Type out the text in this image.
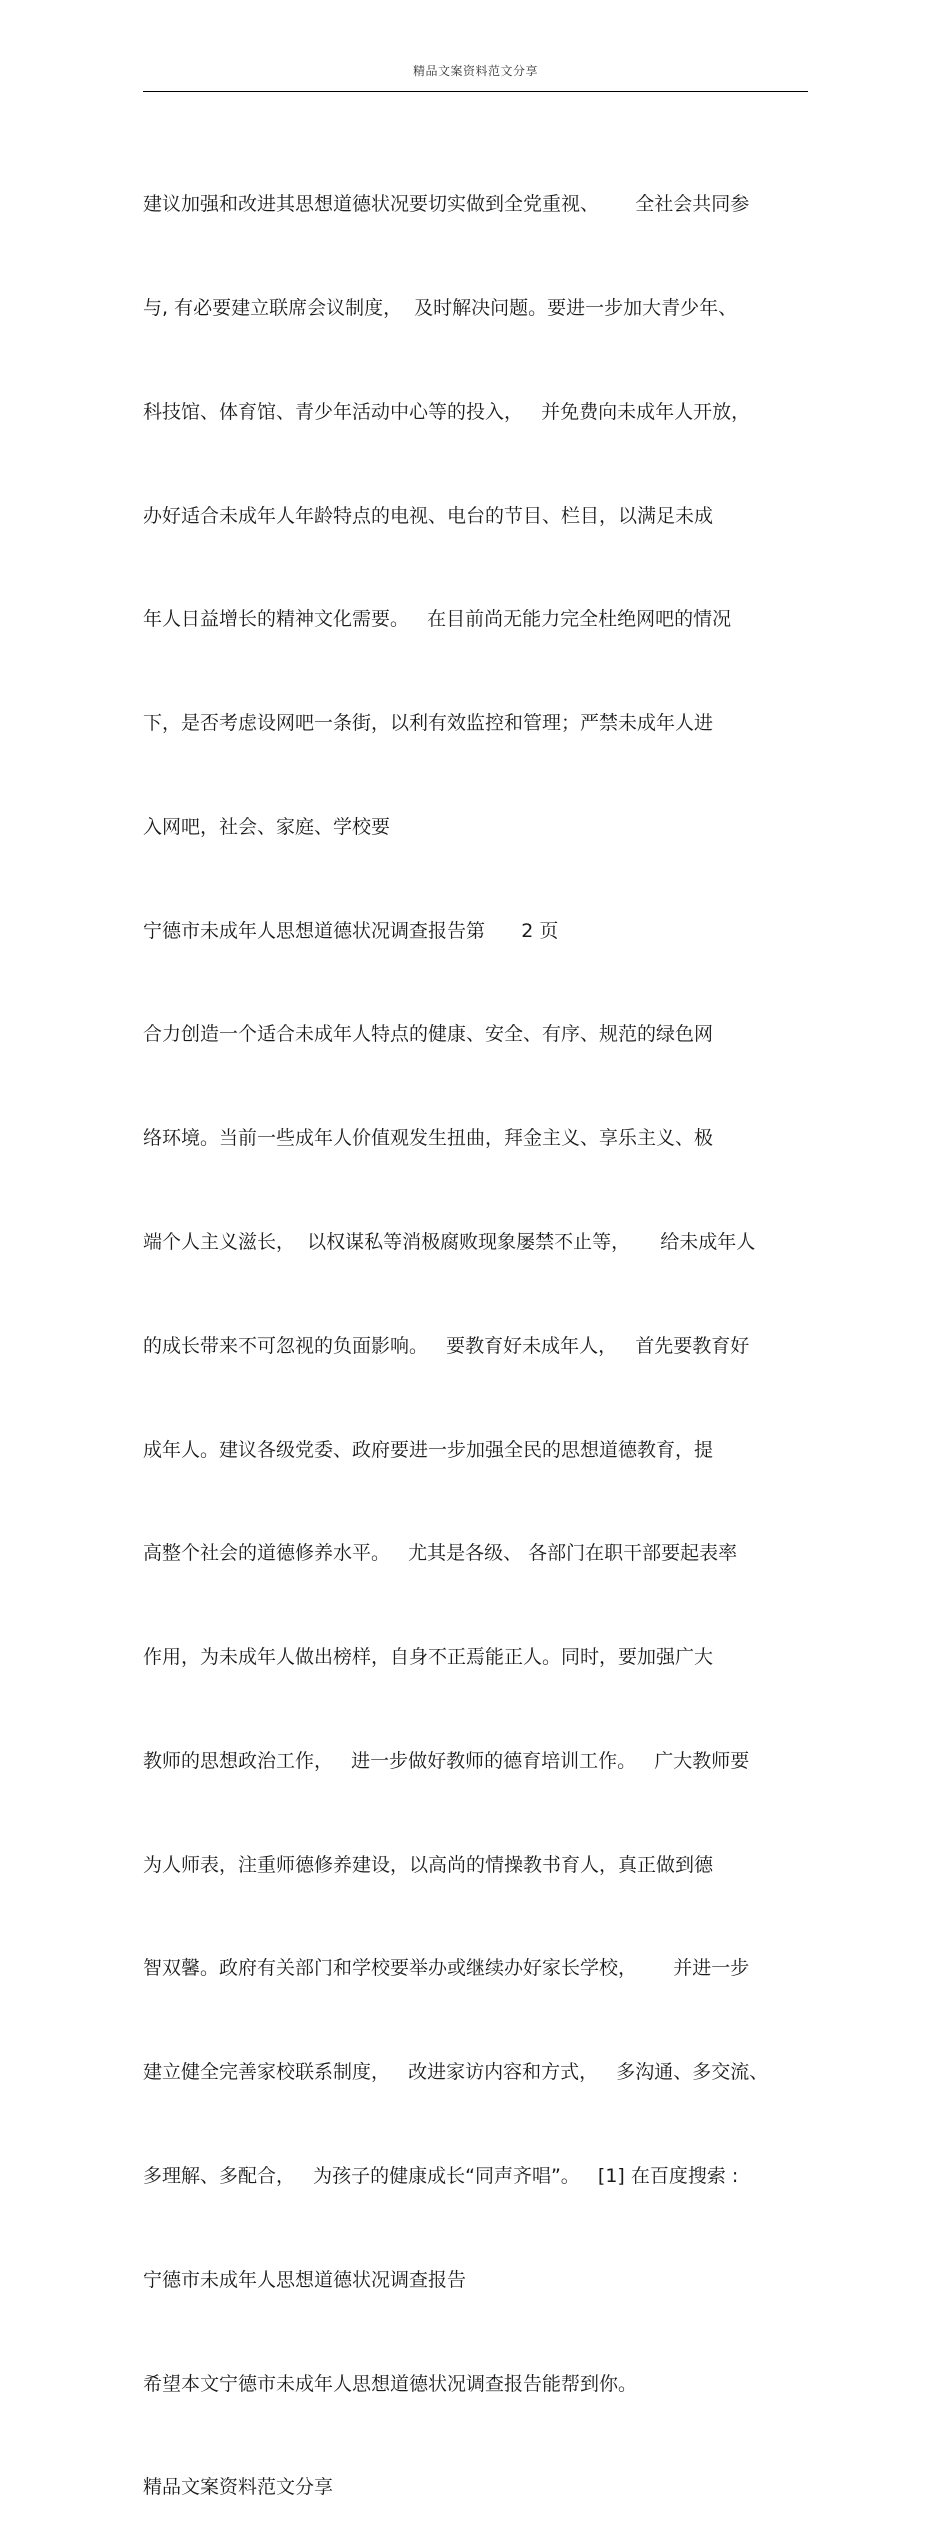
精品文案资料范文分享

建议加强和改进其思想道德状况要切实做到全党重视、      全社会共同参

与, 有必要建立联席会议制度，  及时解决问题。要进一步加大青少年、

科技馆、体育馆、青少年活动中心等的投入，   并免费向未成年人开放，

办好适合未成年人年龄特点的电视、电台的节目、栏目，以满足未成

年人日益增长的精神文化需要。   在目前尚无能力完全杜绝网吧的情况

下，是否考虑设网吧一条街，以利有效监控和管理；严禁未成年人进

入网吧，社会、家庭、学校要

宁德市未成年人思想道德状况调查报告第      2 页

合力创造一个适合未成年人特点的健康、安全、有序、规范的绿色网

络环境。当前一些成年人价值观发生扭曲，拜金主义、享乐主义、极

端个人主义滋长，  以权谋私等消极腐败现象屡禁不止等，     给未成年人

的成长带来不可忽视的负面影响。   要教育好未成年人，   首先要教育好

成年人。建议各级党委、政府要进一步加强全民的思想道德教育，提

高整个社会的道德修养水平。   尤其是各级、 各部门在职干部要起表率

作用，为未成年人做出榜样，自身不正焉能正人。同时，要加强广大

教师的思想政治工作，   进一步做好教师的德育培训工作。   广大教师要

为人师表，注重师德修养建设，以高尚的情操教书育人，真正做到德

智双馨。政府有关部门和学校要举办或继续办好家长学校，      并进一步

建立健全完善家校联系制度，   改进家访内容和方式，   多沟通、多交流、

多理解、多配合，   为孩子的健康成长“同声齐唱”。   [1] 在百度搜索 :

宁德市未成年人思想道德状况调查报告

希望本文宁德市未成年人思想道德状况调查报告能帮到你。

精品文案资料范文分享
